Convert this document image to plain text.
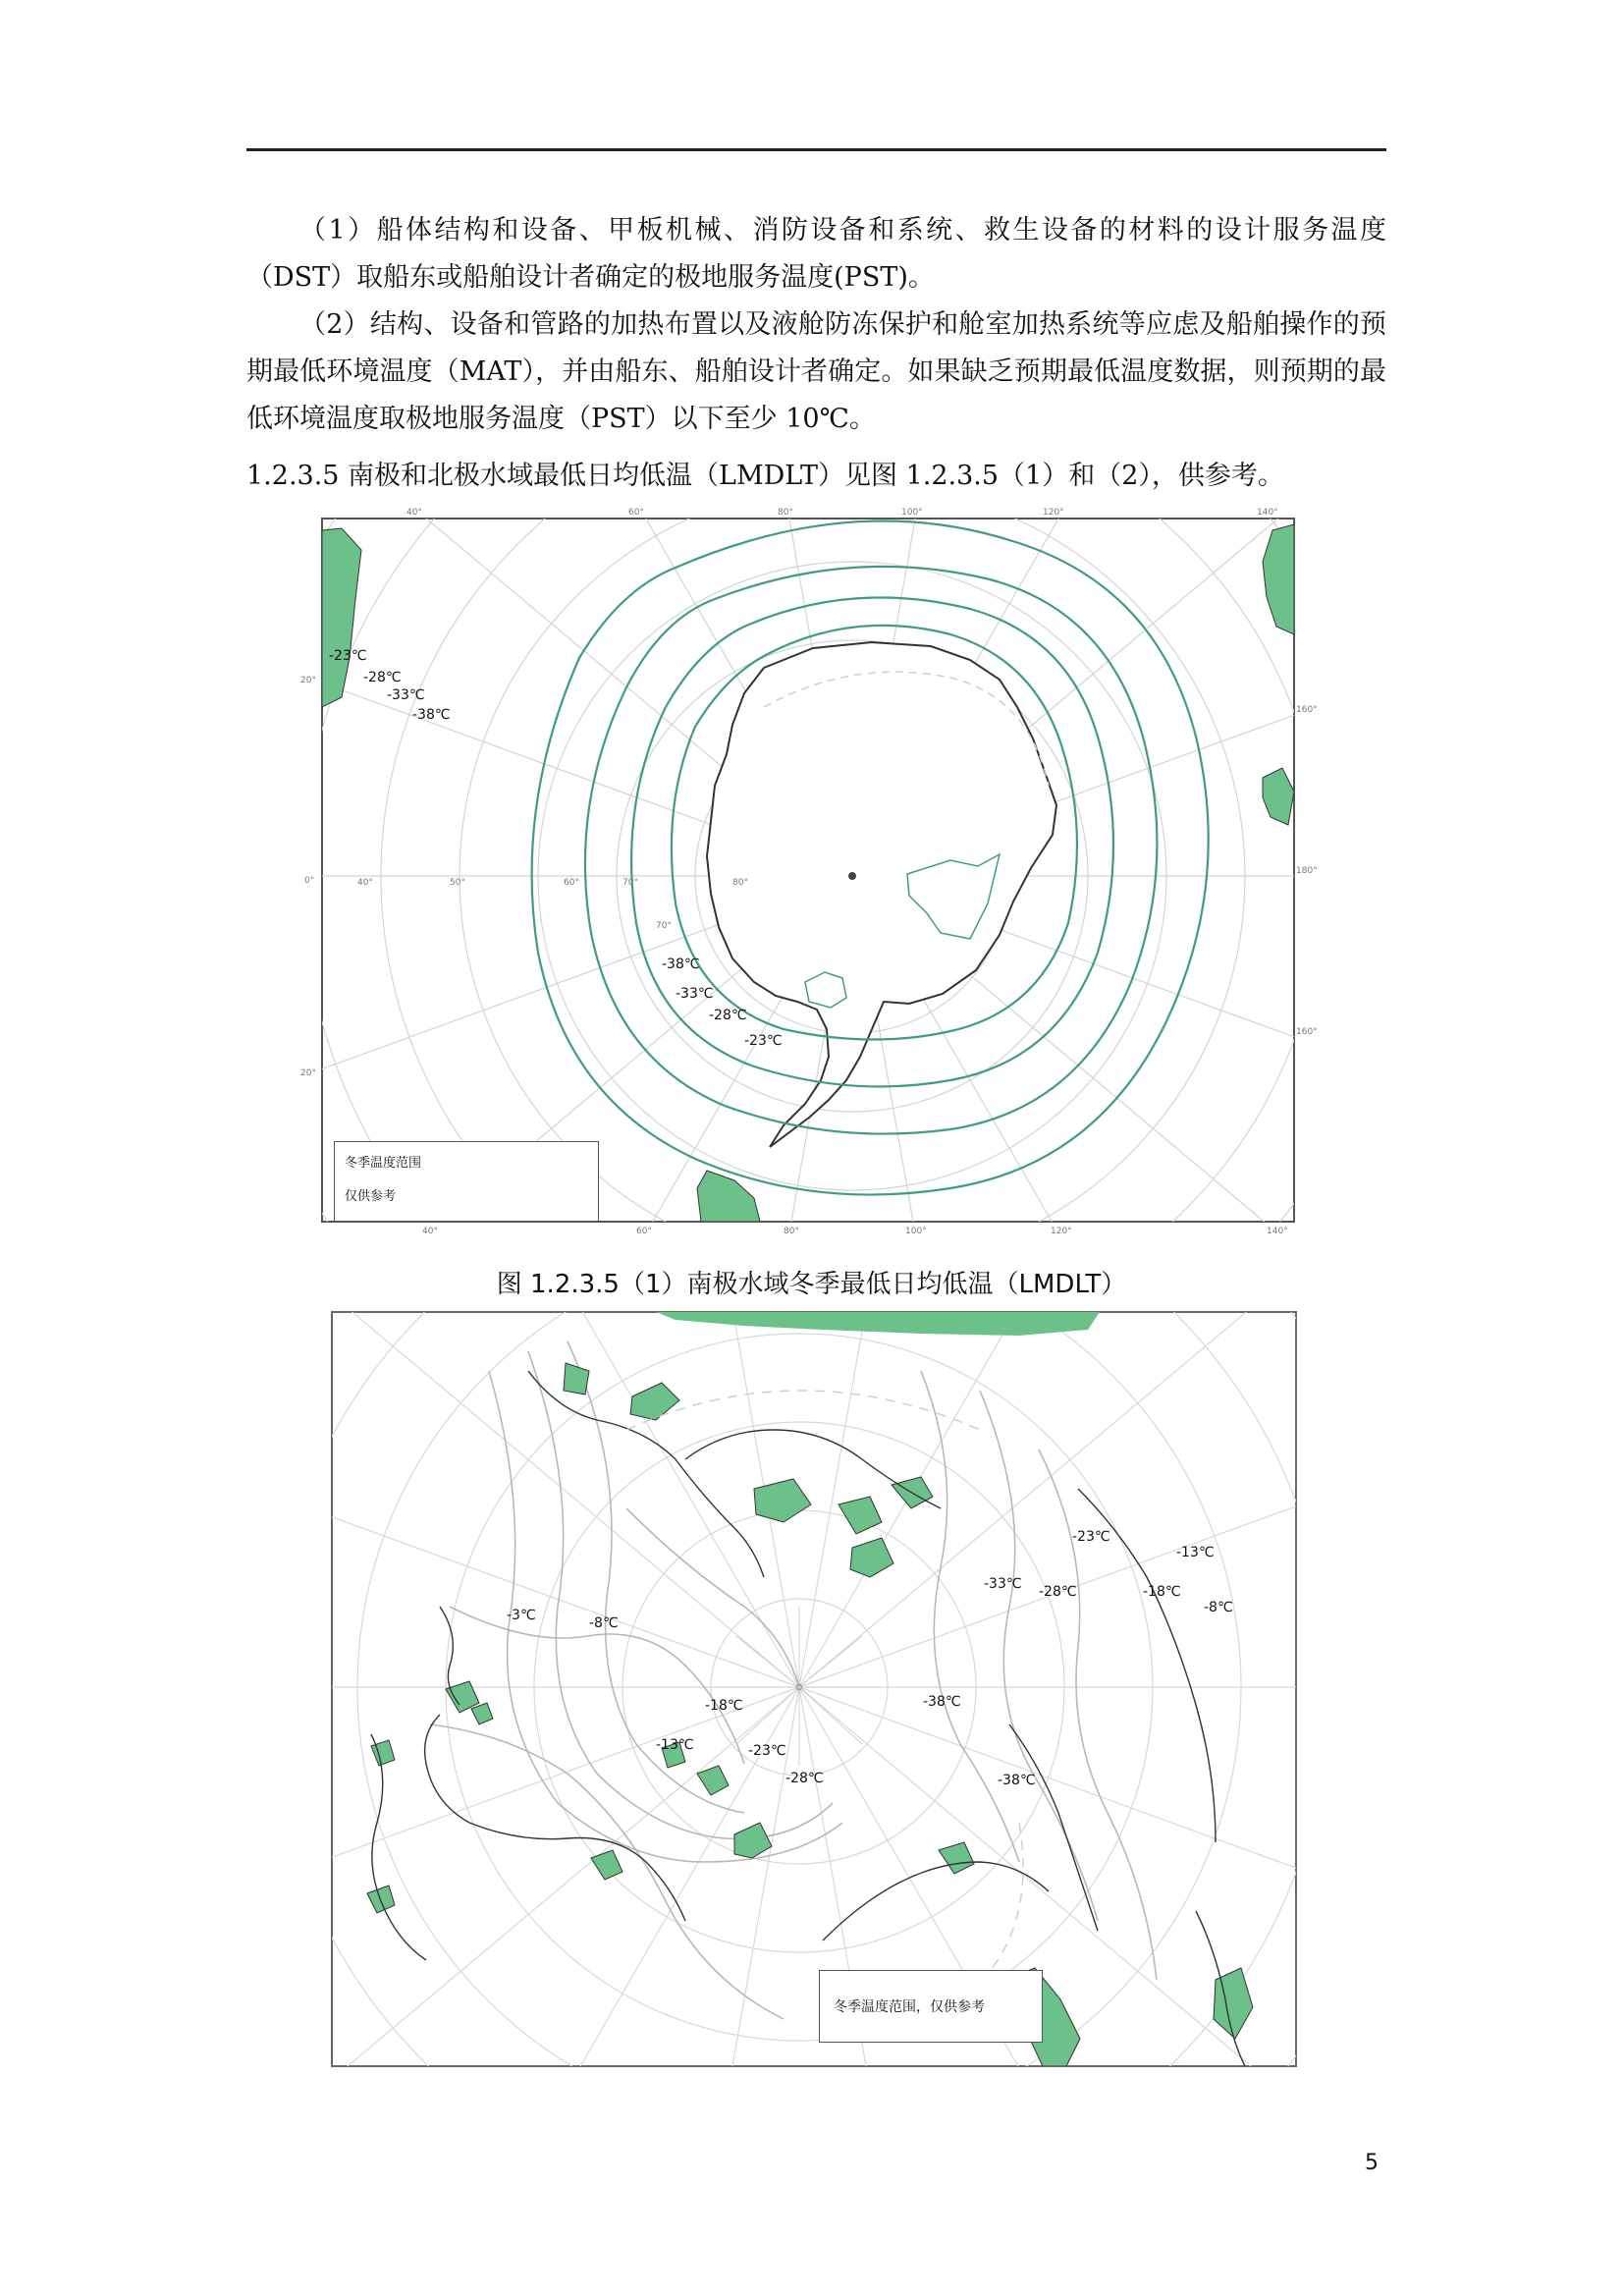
（1）船体结构和设备、甲板机械、消防设备和系统、救生设备的材料的设计服务温度（DST）取船东或船舶设计者确定的极地服务温度(PST)。
（2）结构、设备和管路的加热布置以及液舱防冻保护和舱室加热系统等应虑及船舶操作的预期最低环境温度（MAT），并由船东、船舶设计者确定。如果缺乏预期最低温度数据，则预期的最低环境温度取极地服务温度（PST）以下至少 10℃。
1.2.3.5 南极和北极水域最低日均低温（LMDLT）见图 1.2.3.5（1）和（2），供参考。
-23℃
-28℃
-33℃
-38℃
-38℃
-33℃
-28℃
-23℃
40°	60°	80°	100°	120°	140°
40°	60°	80°	100°	120°	140°
冬季温度范围
仅供参考
20°
0°
20°
160°
180°
160°
40°	50°	60°	70°	80°
70°
图 1.2.3.5（1）南极水域冬季最低日均低温（LMDLT）
-23℃
-13℃
-33℃ -28℃	-18℃
-8℃
-3℃	-8℃
-18℃	-38℃
-13℃	-23℃
-28℃	-38℃
冬季温度范围，仅供参考
5
